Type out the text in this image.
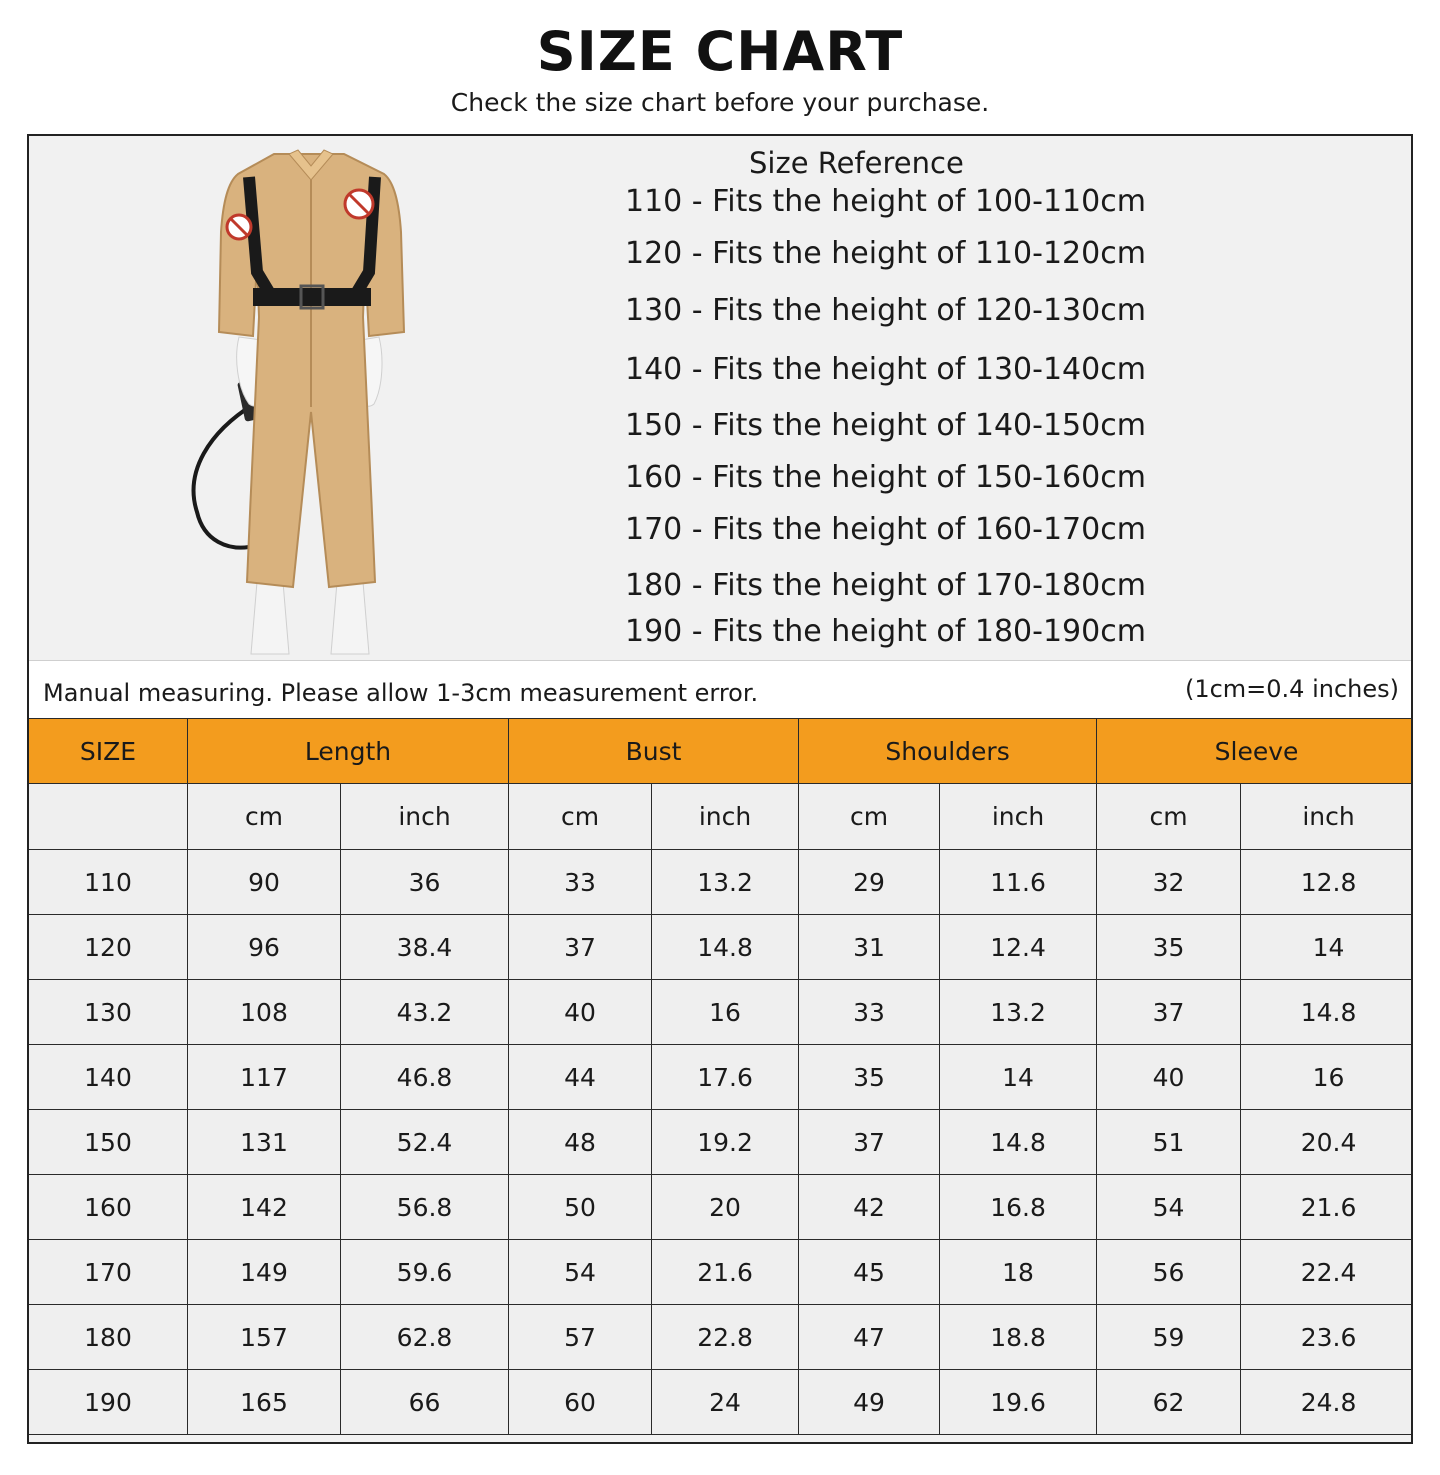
SIZE CHART
Check the size chart before your purchase.
Size Reference
110 - Fits the height of 100-110cm
120 - Fits the height of 110-120cm
130 - Fits the height of 120-130cm
140 - Fits the height of 130-140cm
150 - Fits the height of 140-150cm
160 - Fits the height of 150-160cm
170 - Fits the height of 160-170cm
180 - Fits the height of 170-180cm
190 - Fits the height of 180-190cm
Manual measuring. Please allow 1-3cm measurement error.	(1cm=0.4 inches)
SIZE	Length		Bust		Shoulders		Sleeve	
	cm	inch	cm	inch	cm	inch	cm	inch
110	90	36	33	13.2	29	11.6	32	12.8
120	96	38.4	37	14.8	31	12.4	35	14
130	108	43.2	40	16	33	13.2	37	14.8
140	117	46.8	44	17.6	35	14	40	16
150	131	52.4	48	19.2	37	14.8	51	20.4
160	142	56.8	50	20	42	16.8	54	21.6
170	149	59.6	54	21.6	45	18	56	22.4
180	157	62.8	57	22.8	47	18.8	59	23.6
190	165	66	60	24	49	19.6	62	24.8
